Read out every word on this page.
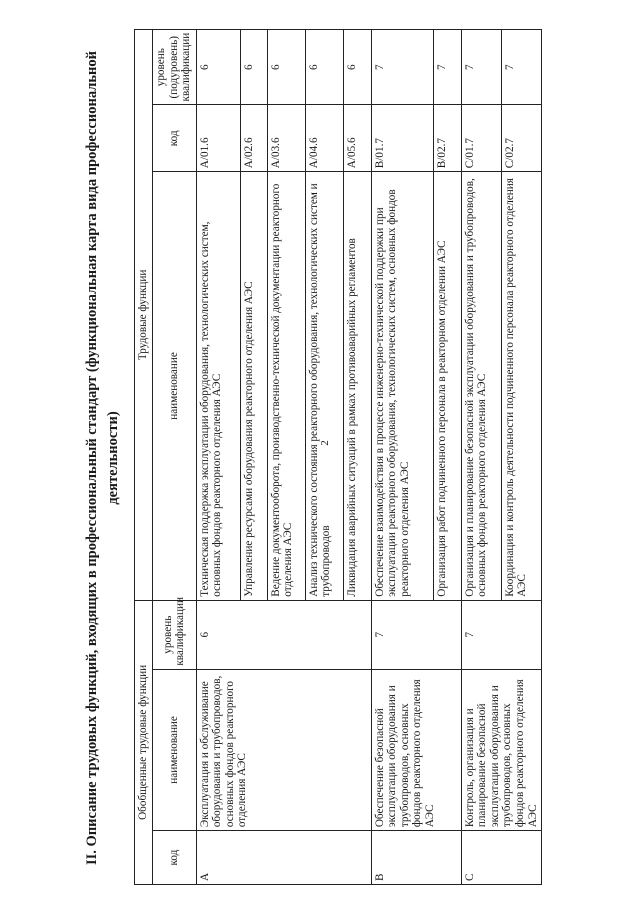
2
II. Описание трудовых функций, входящих в профессиональный стандарт (функциональная карта вида профессиональной деятельности)
Обобщенные трудовые функции			Трудовые функции		
код	наименование	уровень квалификации	наименование	код	уровень (подуровень) квалификации
A	Эксплуатация и обслуживание оборудования и трубопроводов, основных фондов реакторного отделения АЭС	6	Техническая поддержка эксплуатации оборудования, технологических систем, основных фондов реакторного отделения АЭС	A/01.6	6
			Управление ресурсами оборудования реакторного отделения АЭС	A/02.6	6
			Ведение документооборота, производственно-технической документации реакторного отделения АЭС	A/03.6	6
			Анализ технического состояния реакторного оборудования, технологических систем и трубопроводов	A/04.6	6
			Ликвидация аварийных ситуаций в рамках противоаварийных регламентов	A/05.6	6
B	Обеспечение безопасной эксплуатации оборудования и трубопроводов, основных фондов реакторного отделения АЭС	7	Обеспечение взаимодействия в процессе инженерно-технической поддержки при эксплуатации реакторного оборудования, технологических систем, основных фондов реакторного отделения АЭС	B/01.7	7
			Организация работ подчиненного персонала в реакторном отделении АЭС	B/02.7	7
C	Контроль, организация и планирование безопасной эксплуатации оборудования и трубопроводов, основных фондов реакторного отделения АЭС	7	Организация и планирование безопасной эксплуатации оборудования и трубопроводов, основных фондов реакторного отделения АЭС	C/01.7	7
			Координация и контроль деятельности подчиненного персонала реакторного отделения АЭС	C/02.7	7
